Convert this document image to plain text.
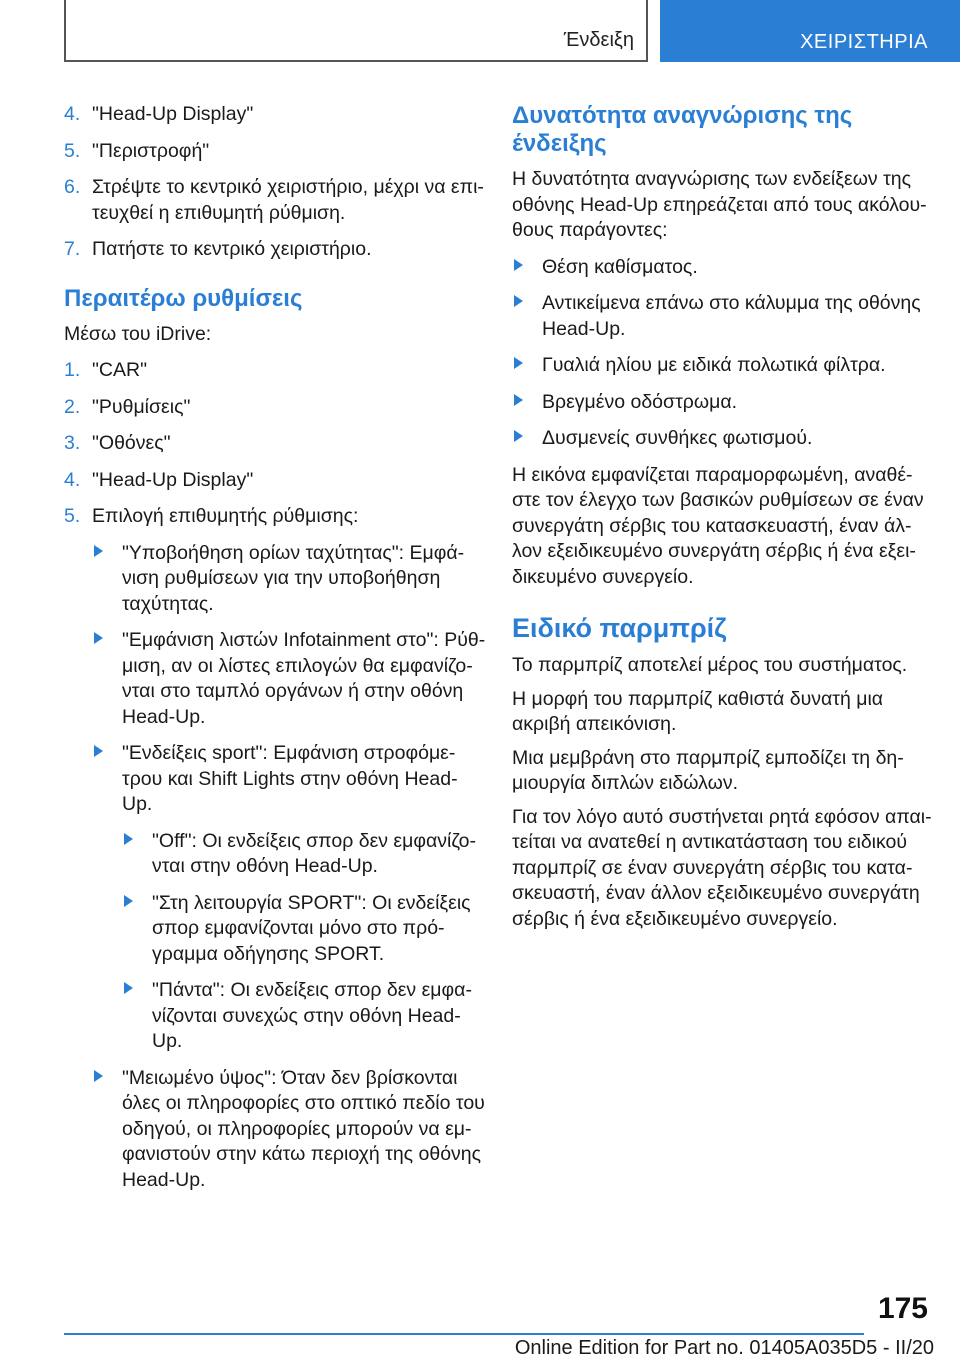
Ένδειξη	ΧΕΙΡΙΣΤΗΡΙΑ
4. "Head-Up Display"
5. "Περιστροφή"
6. Στρέψτε το κεντρικό χειριστήριο, μέχρι να επιτευχθεί η επιθυμητή ρύθμιση.
7. Πατήστε το κεντρικό χειριστήριο.
Περαιτέρω ρυθμίσεις
Μέσω του iDrive:
1. "CAR"
2. "Ρυθμίσεις"
3. "Οθόνες"
4. "Head-Up Display"
5. Επιλογή επιθυμητής ρύθμισης:
"Υποβοήθηση ορίων ταχύτητας": Εμφάνιση ρυθμίσεων για την υποβοήθηση ταχύτητας.
"Εμφάνιση λιστών Infotainment στο": Ρύθμιση, αν οι λίστες επιλογών θα εμφανίζονται στο ταμπλό οργάνων ή στην οθόνη Head-Up.
"Ενδείξεις sport": Εμφάνιση στροφόμετρου και Shift Lights στην οθόνη Head-Up.
"Off": Οι ενδείξεις σπορ δεν εμφανίζονται στην οθόνη Head-Up.
"Στη λειτουργία SPORT": Οι ενδείξεις σπορ εμφανίζονται μόνο στο πρόγραμμα οδήγησης SPORT.
"Πάντα": Οι ενδείξεις σπορ δεν εμφανίζονται συνεχώς στην οθόνη Head-Up.
"Μειωμένο ύψος": Όταν δεν βρίσκονται όλες οι πληροφορίες στο οπτικό πεδίο του οδηγού, οι πληροφορίες μπορούν να εμφανιστούν στην κάτω περιοχή της οθόνης Head-Up.
Δυνατότητα αναγνώρισης της ένδειξης
Η δυνατότητα αναγνώρισης των ενδείξεων της οθόνης Head-Up επηρεάζεται από τους ακόλουθους παράγοντες:
Θέση καθίσματος.
Αντικείμενα επάνω στο κάλυμμα της οθόνης Head-Up.
Γυαλιά ηλίου με ειδικά πολωτικά φίλτρα.
Βρεγμένο οδόστρωμα.
Δυσμενείς συνθήκες φωτισμού.
Η εικόνα εμφανίζεται παραμορφωμένη, αναθέστε τον έλεγχο των βασικών ρυθμίσεων σε έναν συνεργάτη σέρβις του κατασκευαστή, έναν άλλον εξειδικευμένο συνεργάτη σέρβις ή ένα εξειδικευμένο συνεργείο.
Ειδικό παρμπρίζ
Το παρμπρίζ αποτελεί μέρος του συστήματος.
Η μορφή του παρμπρίζ καθιστά δυνατή μια ακριβή απεικόνιση.
Μια μεμβράνη στο παρμπρίζ εμποδίζει τη δημιουργία διπλών ειδώλων.
Για τον λόγο αυτό συστήνεται ρητά εφόσον απαιτείται να ανατεθεί η αντικατάσταση του ειδικού παρμπρίζ σε έναν συνεργάτη σέρβις του κατασκευαστή, έναν άλλον εξειδικευμένο συνεργάτη σέρβις ή ένα εξειδικευμένο συνεργείο.
175
Online Edition for Part no. 01405A035D5 - II/20
